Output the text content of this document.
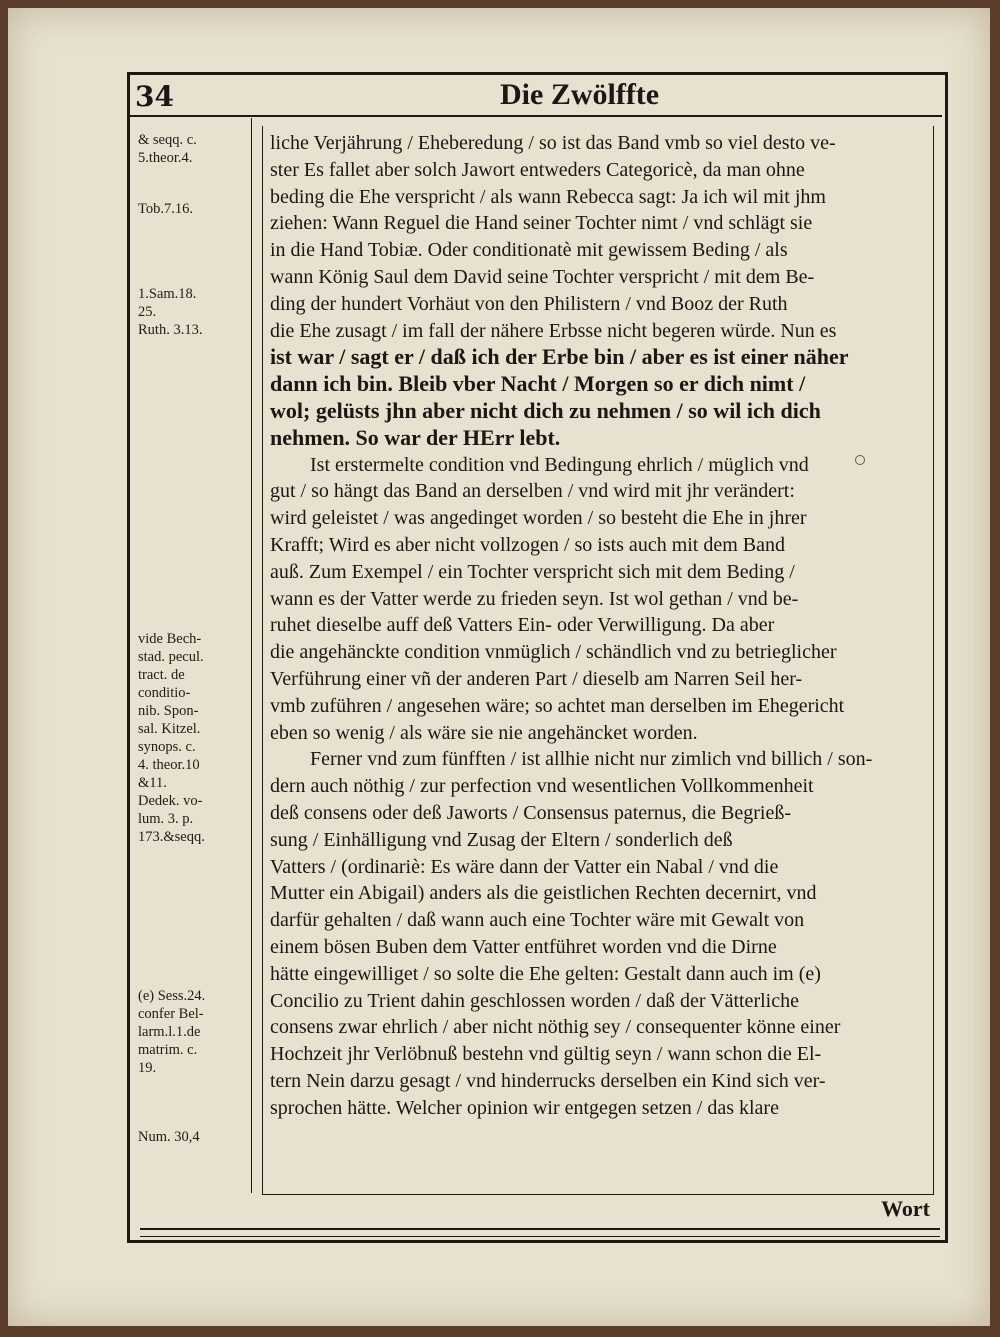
34	Die Zwölffte
& seqq. c.
5.theor.4.
Tob.7.16.
1.Sam.18.
25.
Ruth. 3.13.
vide Bech-
stad. pecul.
tract. de
conditio-
nib. Spon-
sal. Kitzel.
synops. c.
4. theor.10
&11.
Dedek. vo-
lum. 3. p.
173.&seqq.
(e) Sess.24.
confer Bel-
larm.l.1.de
matrim. c.
19.
Num. 30,4
liche Verjährung / Eheberedung / so ist das Band vmb so viel desto ve-
ster Es fallet aber solch Jawort entweders Categoricè, da man ohne
beding die Ehe verspricht / als wann Rebecca sagt: Ja ich wil mit jhm
ziehen: Wann Reguel die Hand seiner Tochter nimt / vnd schlägt sie
in die Hand Tobiæ. Oder conditionatè mit gewissem Beding / als
wann König Saul dem David seine Tochter verspricht / mit dem Be-
ding der hundert Vorhäut von den Philistern / vnd Booz der Ruth
die Ehe zusagt / im fall der nähere Erbsse nicht begeren würde. Nun es
ist war / sagt er / daß ich der Erbe bin / aber es ist einer näher
dann ich bin. Bleib vber Nacht / Morgen so er dich nimt /
wol; gelüsts jhn aber nicht dich zu nehmen / so wil ich dich
nehmen. So war der HErr lebt.
Ist erstermelte condition vnd Bedingung ehrlich / müglich vnd
gut / so hängt das Band an derselben / vnd wird mit jhr verändert:
wird geleistet / was angedinget worden / so besteht die Ehe in jhrer
Krafft; Wird es aber nicht vollzogen / so ists auch mit dem Band
auß. Zum Exempel / ein Tochter verspricht sich mit dem Beding /
wann es der Vatter werde zu frieden seyn. Ist wol gethan / vnd be-
ruhet dieselbe auff deß Vatters Ein- oder Verwilligung. Da aber
die angehänckte condition vnmüglich / schändlich vnd zu betrieglicher
Verführung einer vñ der anderen Part / dieselb am Narren Seil her-
vmb zuführen / angesehen wäre; so achtet man derselben im Ehegericht
eben so wenig / als wäre sie nie angehäncket worden.
Ferner vnd zum fünfften / ist allhie nicht nur zimlich vnd billich / son-
dern auch nöthig / zur perfection vnd wesentlichen Vollkommenheit
deß consens oder deß Jaworts / Consensus paternus, die Begrieß-
sung / Einhälligung vnd Zusag der Eltern / sonderlich deß
Vatters / (ordinariè: Es wäre dann der Vatter ein Nabal / vnd die
Mutter ein Abigail) anders als die geistlichen Rechten decernirt, vnd
darfür gehalten / daß wann auch eine Tochter wäre mit Gewalt von
einem bösen Buben dem Vatter entführet worden vnd die Dirne
hätte eingewilliget / so solte die Ehe gelten: Gestalt dann auch im (e)
Concilio zu Trient dahin geschlossen worden / daß der Vätterliche
consens zwar ehrlich / aber nicht nöthig sey / consequenter könne einer
Hochzeit jhr Verlöbnuß bestehn vnd gültig seyn / wann schon die El-
tern Nein darzu gesagt / vnd hinderrucks derselben ein Kind sich ver-
sprochen hätte. Welcher opinion wir entgegen setzen / das klare
Wort
